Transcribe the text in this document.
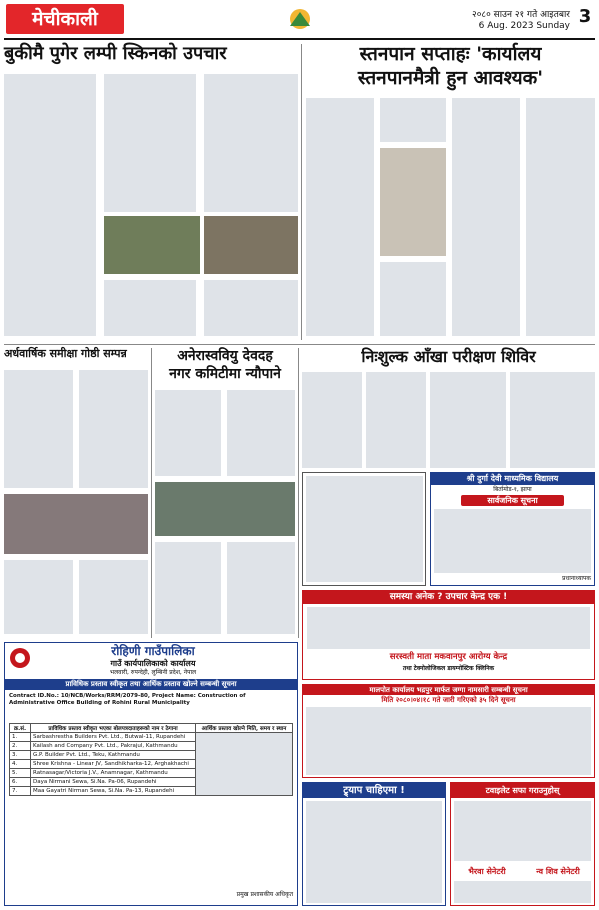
मेचीकाली	२०८० साउन २१ गते आइतबार
6 Aug. 2023 Sunday 3
बुकीमै पुगेर लम्पी स्किनको उपचार	स्तनपान सप्ताहः 'कार्यालय
स्तनपानमैत्री हुन आवश्यक'
अर्धवार्षिक समीक्षा गोष्ठी सम्पन्न	अनेरास्ववियु देवदह
नगर कमिटीमा न्यौपाने
निःशुल्क आँखा परीक्षण शिविर
श्री दुर्गा देवी माध्यमिक विद्यालय
बिर्तामोड-१, झापा
सार्वजनिक सूचना
प्रधानाध्यापक
समस्या अनेक ? उपचार केन्द्र एक !
सरस्वती माता मकवानपुर आरोग्य केन्द्र
तथा टेक्नोलोजिकल डायग्नोस्टिक क्लिनिक
रोहिणी गाउँपालिका
गाउँ कार्यपालिकाको कार्यालय
भलवारी, रुपन्देही, लुम्बिनी प्रदेश, नेपाल
प्राविधिक प्रस्ताव स्वीकृत तथा आर्थिक प्रस्ताव खोल्ने सम्बन्धी सूचना
Contract ID.No.: 10/NCB/Works/RRM/2079-80, Project Name: Construction of Administrative Office Building of Rohini Rural Municipality
क्र.सं.	प्राविधिक प्रस्ताव स्वीकृत भएका बोलपत्रदाताहरूको नाम र ठेगाना	आर्थिक प्रस्ताव खोल्ने मिति, समय र स्थान
1.	Sarbashrestha Builders Pvt. Ltd., Butwal-11, Rupandehi	
2.	Kailash and Company Pvt. Ltd., Pakrajul, Kathmandu	
3.	G.P. Builder Pvt. Ltd., Teku, Kathmandu	
4.	Shree Krishna - Linear JV, Sandhikharka-12, Arghakhachi	
5.	Ratnasagar/Victoria J.V., Anamnagar, Kathmandu	
6.	Daya Nirmani Sewa, Si.Na. Pa-06, Rupandehi	
7.	Maa Gayatri Nirman Sewa, Si.Na. Pa-13, Rupandehi	
प्रमुख प्रशासकीय अधिकृत
मालपोत कार्यालय भद्रपुर मार्फत जग्गा नामसारी सम्बन्धी सूचना
मिति २०८०।०४।१८ गते जारी गरिएको ३५ दिने सूचना
ट्र्याप चाहिएमा !	टवाइलेट सफा गराउनुहोस्
भैरवा सेनेटरी	न्व शिव सेनेटरी
